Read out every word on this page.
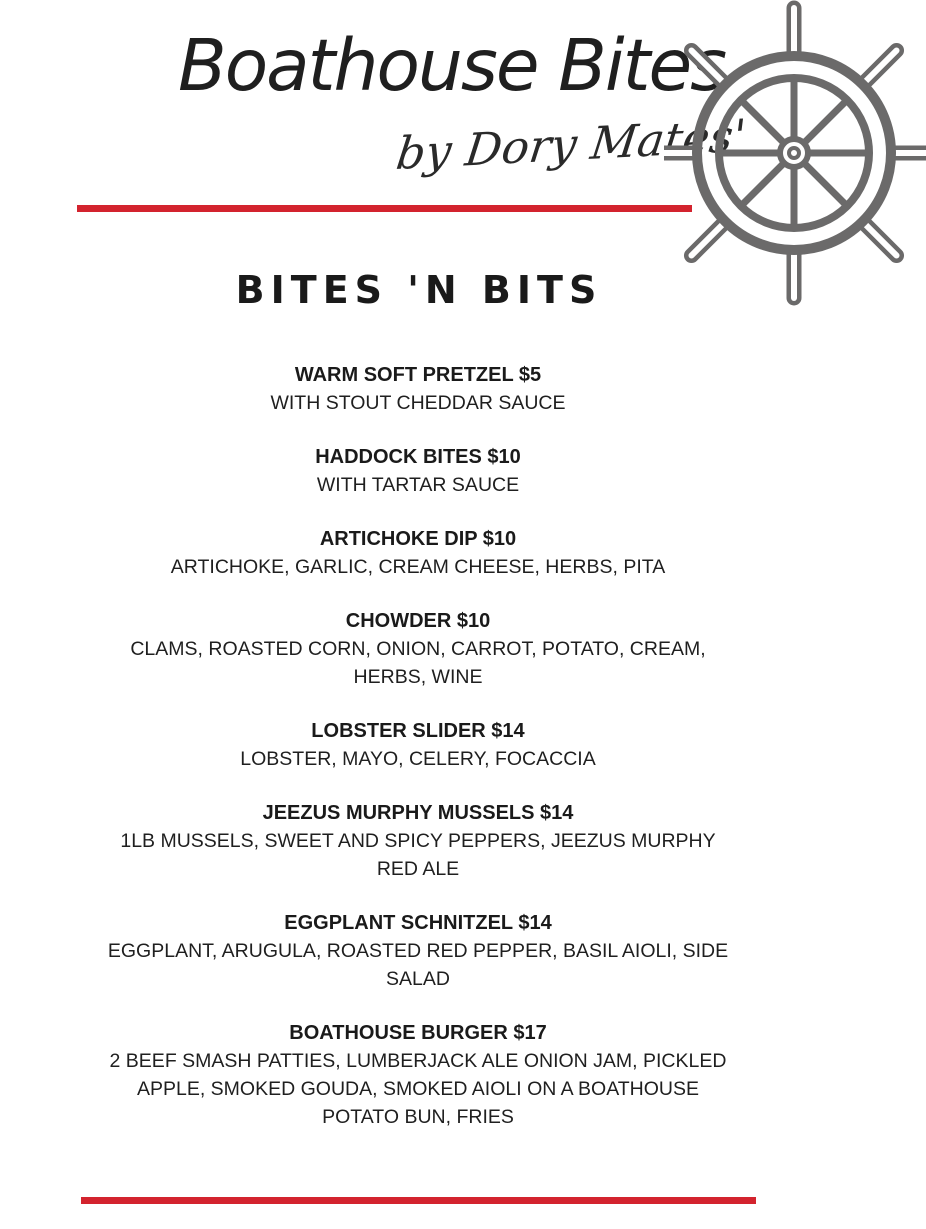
Boathouse Bites
by Dory Mates'
BITES 'N BITS
WARM SOFT PRETZEL $5
WITH STOUT CHEDDAR SAUCE
HADDOCK BITES $10
WITH TARTAR SAUCE
ARTICHOKE DIP $10
ARTICHOKE, GARLIC, CREAM CHEESE, HERBS, PITA
CHOWDER $10
CLAMS, ROASTED CORN, ONION, CARROT, POTATO, CREAM, HERBS, WINE
LOBSTER SLIDER $14
LOBSTER, MAYO, CELERY, FOCACCIA
JEEZUS MURPHY MUSSELS $14
1LB MUSSELS, SWEET AND SPICY PEPPERS, JEEZUS MURPHY RED ALE
EGGPLANT SCHNITZEL $14
EGGPLANT, ARUGULA, ROASTED RED PEPPER, BASIL AIOLI, SIDE SALAD
BOATHOUSE BURGER $17
2 BEEF SMASH PATTIES, LUMBERJACK ALE ONION JAM, PICKLED APPLE, SMOKED GOUDA, SMOKED AIOLI ON A BOATHOUSE POTATO BUN, FRIES
